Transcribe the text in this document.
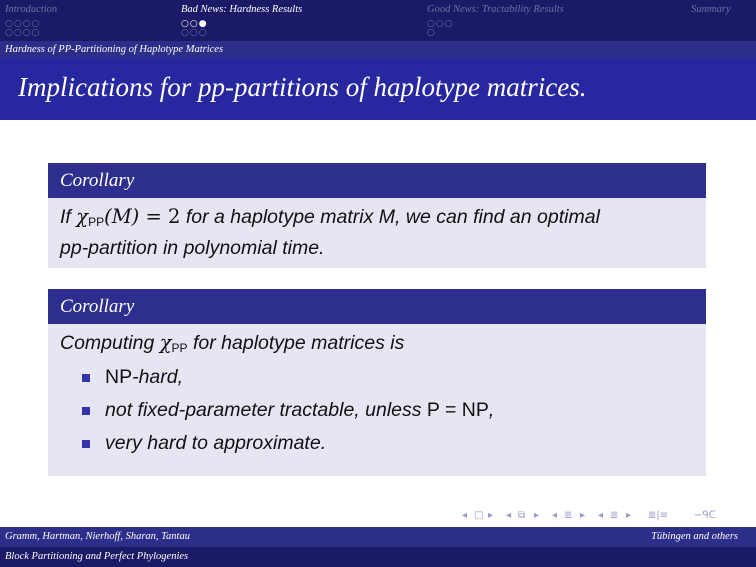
Introduction
○○○○
○○○○
Bad News: Hardness Results
○○●
○○○
Good News: Tractability Results
○○○
○
Summary
Hardness of PP-Partitioning of Haplotype Matrices
Implications for pp-partitions of haplotype matrices.
Corollary
If $\chi_{PP}(M) = 2$ for a haplotype matrix M, we can find an optimal
pp-partition in polynomial time.
Corollary
Computing $\chi_{PP}$ for haplotype matrices is
NP-hard,
not fixed-parameter tractable, unless P = NP,
very hard to approximate.
◂ □ ▸ ◂ ⧉ ▸ ◂ ≣ ▸ ◂ ≣ ▸ ≣|≡	∽ᑫᑕ
Gramm, Hartman, Nierhoff, Sharan, Tantau	Tübingen and others
Block Partitioning and Perfect Phylogenies
